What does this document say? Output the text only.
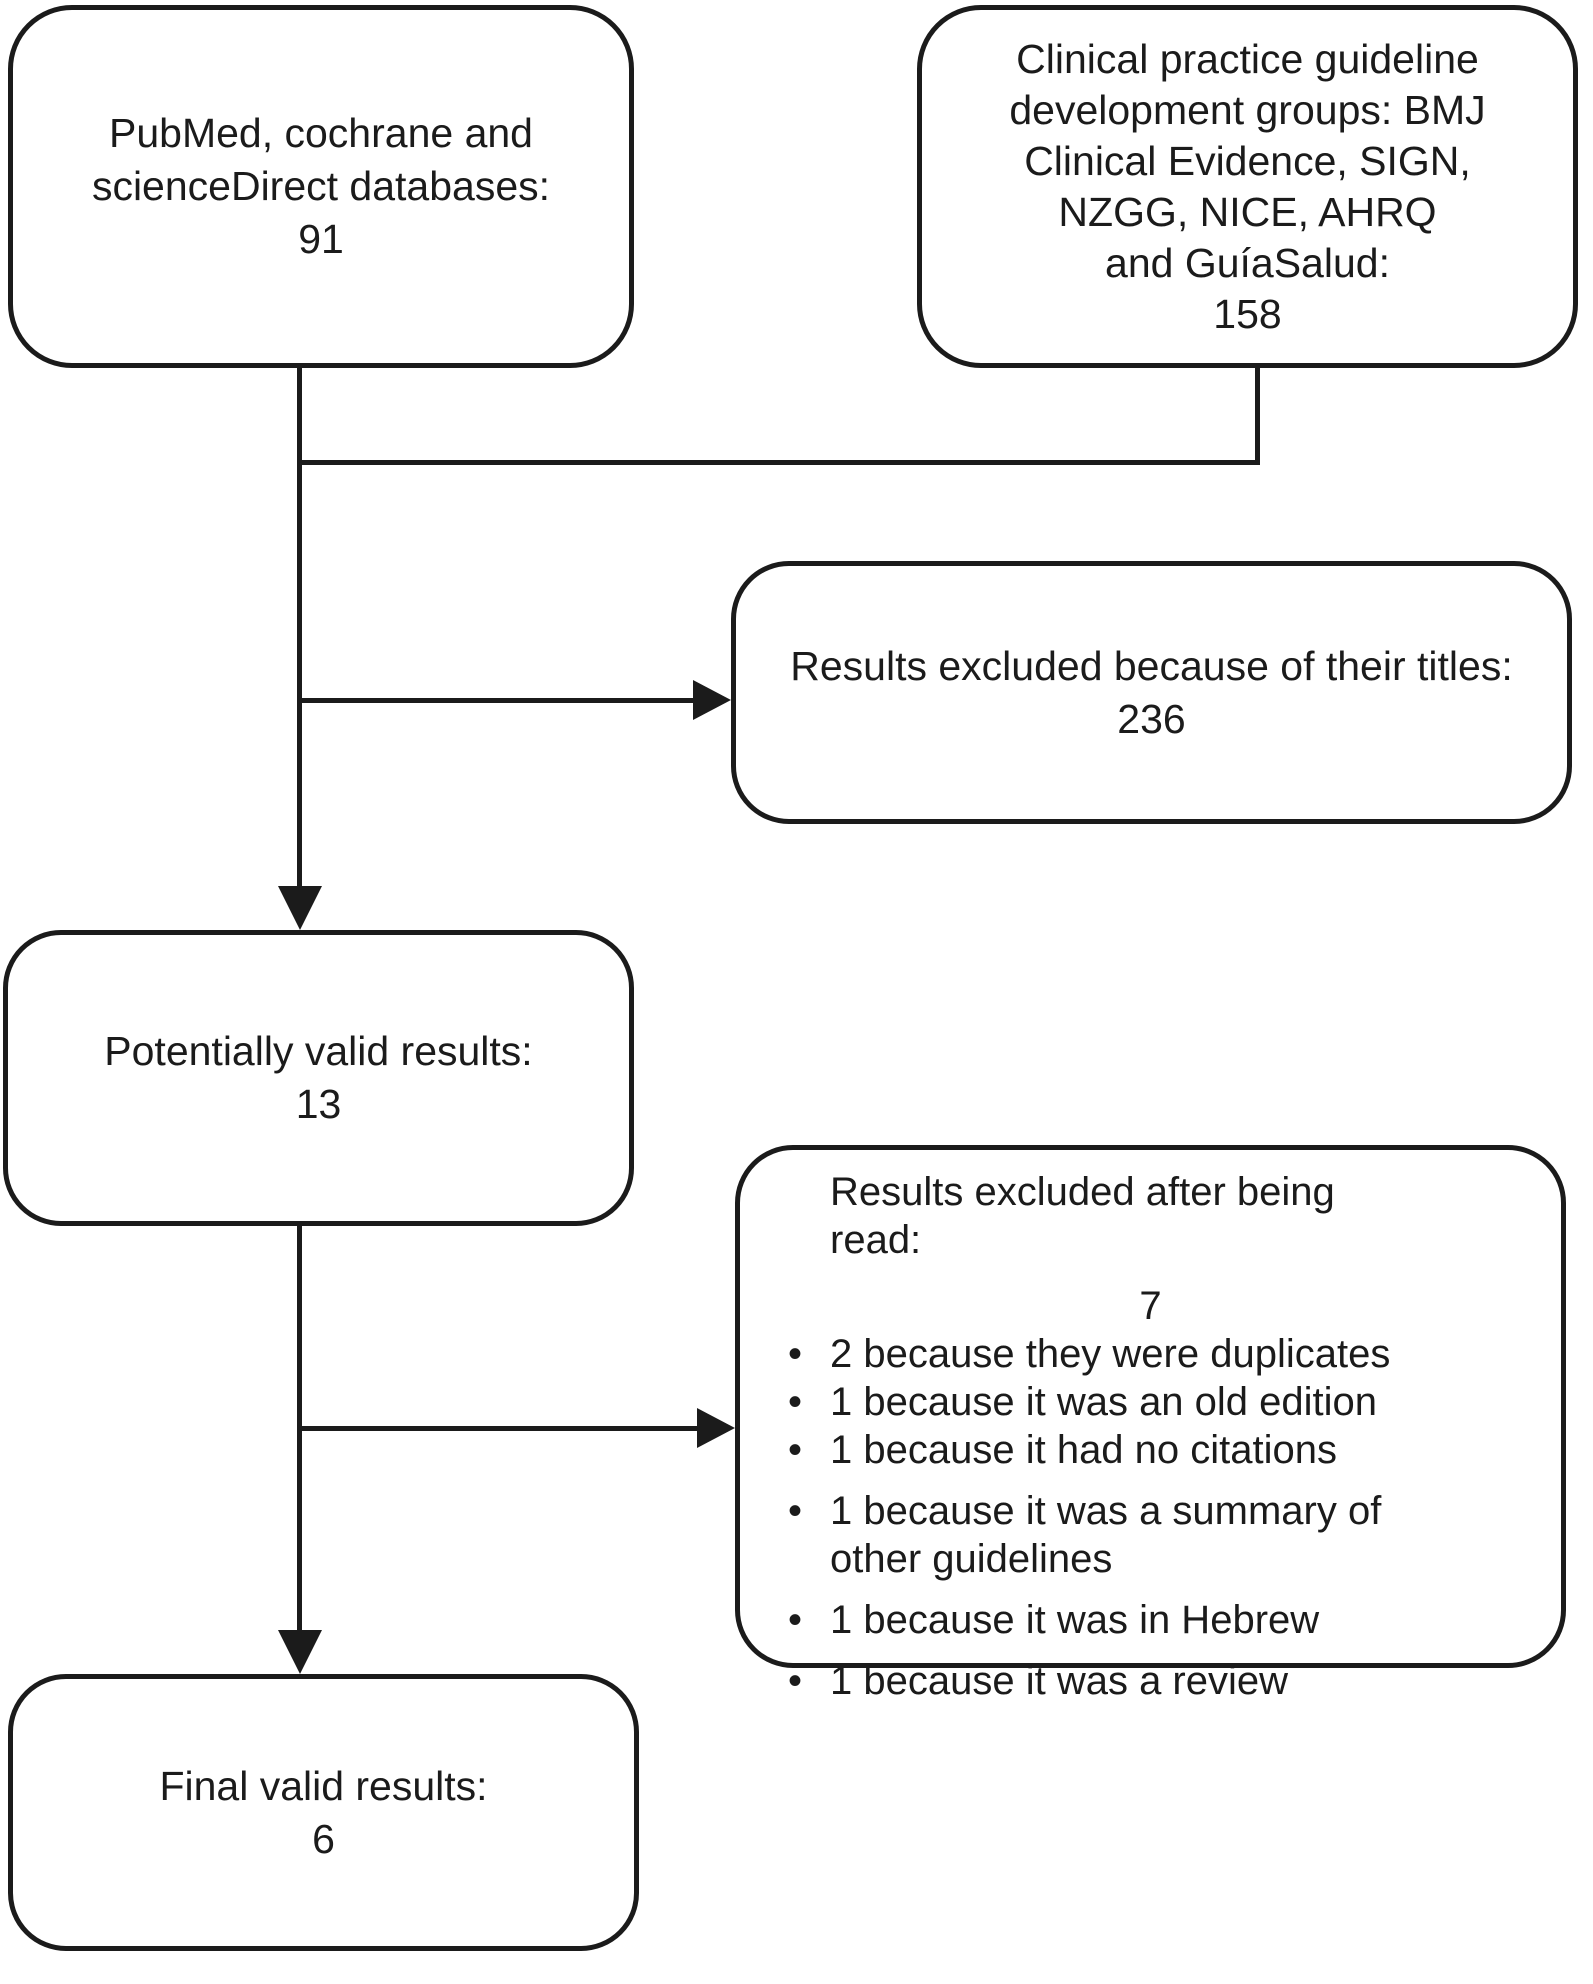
PubMed, cochrane and
scienceDirect databases:
91
Clinical practice guideline
development groups: BMJ
Clinical Evidence, SIGN,
NZGG, NICE, AHRQ
and GuíaSalud:
158
Results excluded because of their titles:
236
Potentially valid results:
13
Results excluded after being
read:
7
• 2 because they were duplicates
• 1 because it was an old edition
• 1 because it had no citations
• 1 because it was a summary of other guidelines
• 1 because it was in Hebrew
• 1 because it was a review
Final valid results:
6
